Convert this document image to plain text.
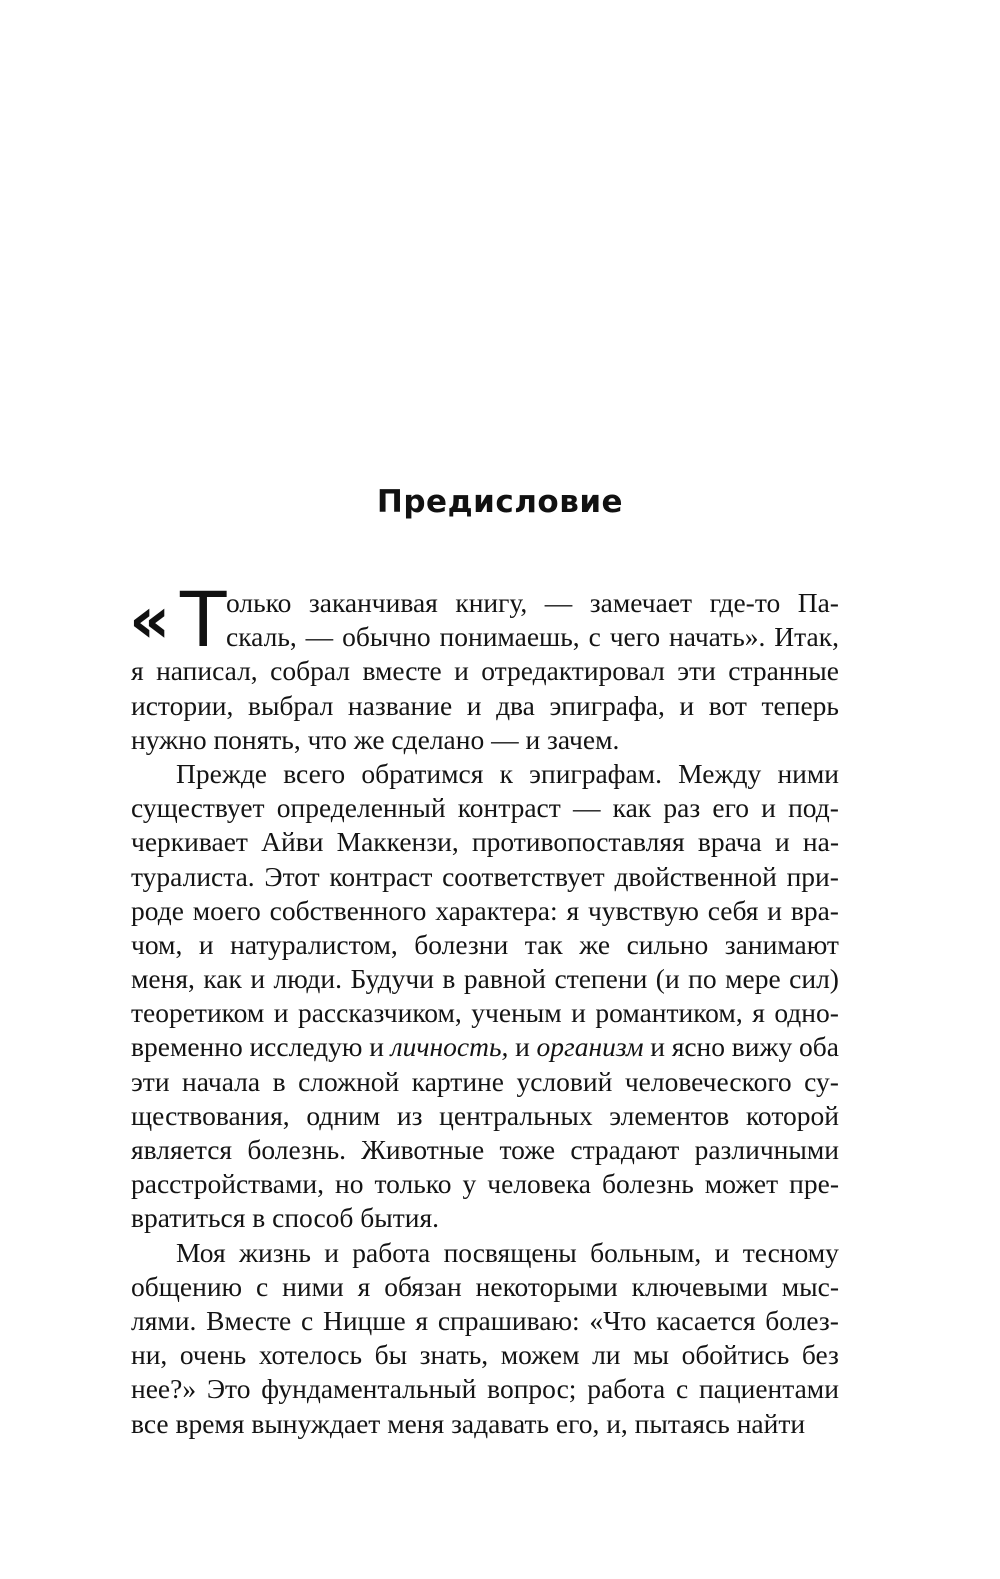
Предисловие
« Т олько заканчивая книгу, — замечает где-то Па-
скаль, — обычно понимаешь, с чего начать». Итак,
я написал, собрал вместе и отредактировал эти странные
истории, выбрал название и два эпиграфа, и вот теперь
нужно понять, что же сделано — и зачем.
Прежде всего обратимся к эпиграфам. Между ними
существует определенный контраст — как раз его и под-
черкивает Айви Маккензи, противопоставляя врача и на-
туралиста. Этот контраст соответствует двойственной при-
роде моего собственного характера: я чувствую себя и вра-
чом, и натуралистом, болезни так же сильно занимают
меня, как и люди. Будучи в равной степени (и по мере сил)
теоретиком и рассказчиком, ученым и романтиком, я одно-
временно исследую и личность, и организм и ясно вижу оба
эти начала в сложной картине условий человеческого су-
ществования, одним из центральных элементов которой
является болезнь. Животные тоже страдают различными
расстройствами, но только у человека болезнь может пре-
вратиться в способ бытия.
Моя жизнь и работа посвящены больным, и тесному
общению с ними я обязан некоторыми ключевыми мыс-
лями. Вместе с Ницше я спрашиваю: «Что касается болез-
ни, очень хотелось бы знать, можем ли мы обойтись без
нее?» Это фундаментальный вопрос; работа с пациентами
все время вынуждает меня задавать его, и, пытаясь найти
